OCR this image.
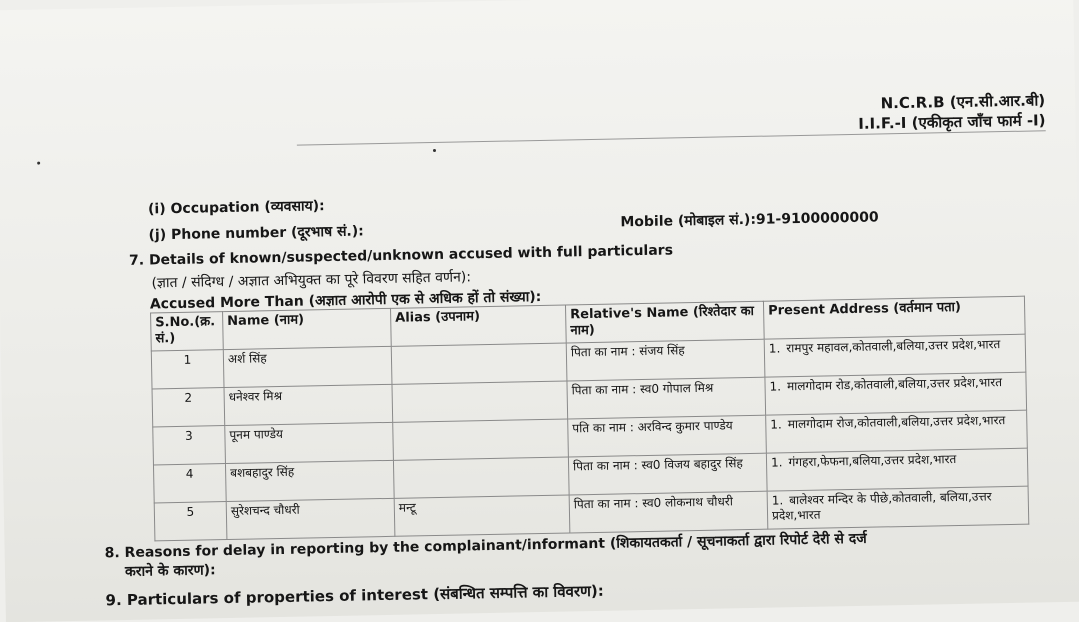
N.C.R.B (एन.सी.आर.बी)
I.I.F.-I (एकीकृत जाँच फार्म -I)
(i) Occupation (व्यवसाय):
(j) Phone number (दूरभाष सं.):
Mobile (मोबाइल सं.):91-9100000000
7. Details of known/suspected/unknown accused with full particulars
(ज्ञात / संदिग्ध / अज्ञात अभियुक्त का पूरे विवरण सहित वर्णन):
Accused More Than (अज्ञात आरोपी एक से अधिक हों तो संख्या):
S.No.(क्र. सं.)	Name (नाम)	Alias (उपनाम)	Relative's Name (रिश्तेदार का नाम)	Present Address (वर्तमान पता)
1	अर्श सिंह		पिता का नाम : संजय सिंह	1. रामपुर महावल,कोतवाली,बलिया,उत्तर प्रदेश,भारत
2	धनेश्वर मिश्र		पिता का नाम : स्व0 गोपाल मिश्र	1. मालगोदाम रोड,कोतवाली,बलिया,उत्तर प्रदेश,भारत
3	पूनम पाण्डेय		पति का नाम : अरविन्द कुमार पाण्डेय	1. मालगोदाम रोज,कोतवाली,बलिया,उत्तर प्रदेश,भारत
4	बशबहादुर सिंह		पिता का नाम : स्व0 विजय बहादुर सिंह	1. गंगहरा,फेफना,बलिया,उत्तर प्रदेश,भारत
5	सुरेशचन्द चौधरी	मन्टू	पिता का नाम : स्व0 लोकनाथ चौधरी	1. बालेश्वर मन्दिर के पीछे,कोतवाली, बलिया,उत्तर प्रदेश,भारत
8. Reasons for delay in reporting by the complainant/informant (शिकायतकर्ता / सूचनाकर्ता द्वारा रिपोर्ट देरी से दर्ज
कराने के कारण):
9. Particulars of properties of interest (संबन्धित सम्पत्ति का विवरण):
